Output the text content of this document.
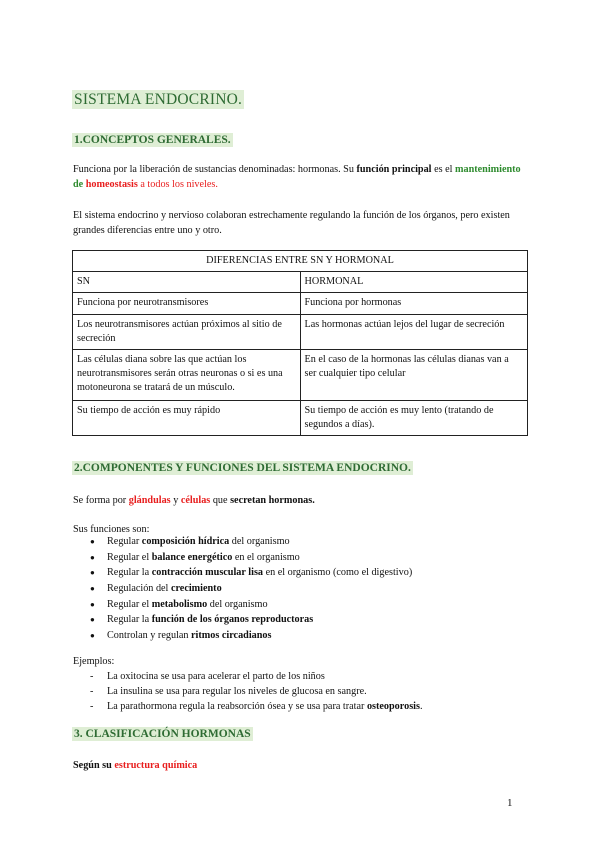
SISTEMA ENDOCRINO.
1.CONCEPTOS GENERALES.
Funciona por la liberación de sustancias denominadas: hormonas. Su función principal es el mantenimiento de homeostasis a todos los niveles.
El sistema endocrino y nervioso colaboran estrechamente regulando la función de los órganos, pero existen grandes diferencias entre uno y otro.
DIFERENCIAS ENTRE SN Y HORMONAL	
SN	HORMONAL
Funciona por neurotransmisores	Funciona por hormonas
Los neurotransmisores actúan próximos al sitio de secreción	Las hormonas actúan lejos del lugar de secreción
Las células diana sobre las que actúan los neurotransmisores serán otras neuronas o si es una motoneurona se tratará de un músculo.	En el caso de la hormonas las células dianas van a ser cualquier tipo celular
Su tiempo de acción es muy rápido	Su tiempo de acción es muy lento (tratando de segundos a días).
2.COMPONENTES Y FUNCIONES DEL SISTEMA ENDOCRINO.
Se forma por glándulas y células que secretan hormonas.
Sus funciones son:
● Regular composición hídrica del organismo
● Regular el balance energético en el organismo
● Regular la contracción muscular lisa en el organismo (como el digestivo)
● Regulación del crecimiento
● Regular el metabolismo del organismo
● Regular la función de los órganos reproductoras
● Controlan y regulan ritmos circadianos
Ejemplos:
- La oxitocina se usa para acelerar el parto de los niños
- La insulina se usa para regular los niveles de glucosa en sangre.
- La parathormona regula la reabsorción ósea y se usa para tratar osteoporosis.
3. CLASIFICACIÓN HORMONAS
Según su estructura química
1
